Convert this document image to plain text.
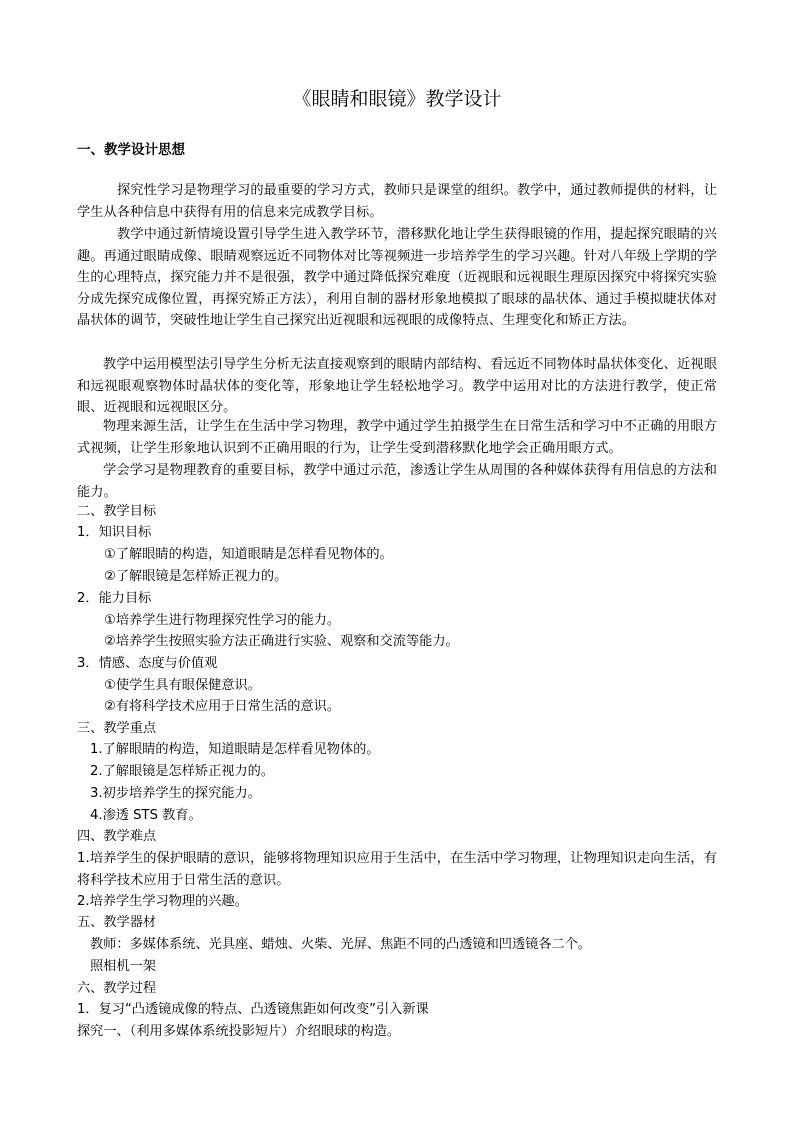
《眼睛和眼镜》教学设计
一、教学设计思想
探究性学习是物理学习的最重要的学习方式，教师只是课堂的组织。教学中，通过教师提供的材料，让学生从各种信息中获得有用的信息来完成教学目标。
教学中通过新情境设置引导学生进入教学环节，潜移默化地让学生获得眼镜的作用，提起探究眼睛的兴趣。再通过眼睛成像、眼睛观察远近不同物体对比等视频进一步培养学生的学习兴趣。针对八年级上学期的学生的心理特点，探究能力并不是很强，教学中通过降低探究难度（近视眼和远视眼生理原因探究中将探究实验分成先探究成像位置，再探究矫正方法），利用自制的器材形象地模拟了眼球的晶状体、通过手模拟睫状体对晶状体的调节，突破性地让学生自己探究出近视眼和远视眼的成像特点、生理变化和矫正方法。
教学中运用模型法引导学生分析无法直接观察到的眼睛内部结构、看远近不同物体时晶状体变化、近视眼和远视眼观察物体时晶状体的变化等，形象地让学生轻松地学习。教学中运用对比的方法进行教学，使正常眼、近视眼和远视眼区分。
物理来源生活，让学生在生活中学习物理，教学中通过学生拍摄学生在日常生活和学习中不正确的用眼方式视频，让学生形象地认识到不正确用眼的行为，让学生受到潜移默化地学会正确用眼方式。
学会学习是物理教育的重要目标，教学中通过示范，渗透让学生从周围的各种媒体获得有用信息的方法和能力。
二、教学目标
1．知识目标
①了解眼睛的构造，知道眼睛是怎样看见物体的。
②了解眼镜是怎样矫正视力的。
2．能力目标
①培养学生进行物理探究性学习的能力。
②培养学生按照实验方法正确进行实验、观察和交流等能力。
3．情感、态度与价值观
①使学生具有眼保健意识。
②有将科学技术应用于日常生活的意识。
三、教学重点
1.了解眼睛的构造，知道眼睛是怎样看见物体的。
2.了解眼镜是怎样矫正视力的。
3.初步培养学生的探究能力。
4.渗透 STS 教育。
四、教学难点
1.培养学生的保护眼睛的意识，能够将物理知识应用于生活中，在生活中学习物理，让物理知识走向生活，有将科学技术应用于日常生活的意识。
2.培养学生学习物理的兴趣。
五、教学器材
教师：多媒体系统、光具座、蜡烛、火柴、光屏、焦距不同的凸透镜和凹透镜各二个。
照相机一架
六、教学过程
1．复习“凸透镜成像的特点、凸透镜焦距如何改变”引入新课
探究一、（利用多媒体系统投影短片）介绍眼球的构造。
